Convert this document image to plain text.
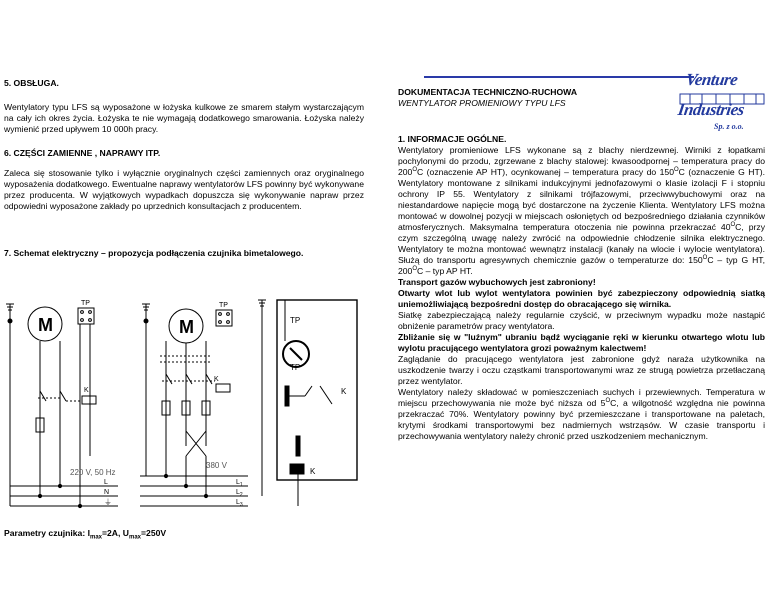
5. OBSŁUGA.
Wentylatory typu LFS są wyposażone w łożyska kulkowe ze smarem stałym wystarczającym na cały ich okres życia. Łożyska te nie wymagają dodatkowego smarowania. Łożyska należy wymienić przed upływem 10 000h pracy.
6. CZĘŚCI ZAMIENNE , NAPRAWY ITP.
Zaleca się stosowanie tylko i wyłącznie oryginalnych części zamiennych oraz oryginalnego wyposażenia dodatkowego. Ewentualne naprawy wentylatorów LFS powinny być wykonywane przez producenta. W wyjątkowych wypadkach dopuszcza się wykonywanie napraw przez odpowiedni wyposażone zakłady po uprzednich konsultacjach z producentem.
7. Schemat elektryczny – propozycja podłączenia czujnika bimetalowego.
M
TP
K
220 V, 50 Hz
L
N
⏚
M
TP
K
380 V
$L_1$
$L_2$
$L_3$
TP
TP
K
K
Parametry czujnika: $I_{max}=2A$, $U_{max}=250V$
Venture
Industries
Sp. z o.o.
DOKUMENTACJA TECHNICZNO-RUCHOWA
WENTYLATOR PROMIENIOWY TYPU LFS
1. INFORMACJE OGÓLNE.
Wentylatory promieniowe LFS wykonane są z blachy nierdzewnej. Wirniki z łopatkami pochylonymi do przodu, zgrzewane z blachy stalowej: kwasoodpornej – temperatura pracy do $200^OC$ (oznaczenie AP HT), ocynkowanej – temperatura pracy do $150^OC$ (oznaczenie G HT). Wentylatory montowane z silnikami indukcyjnymi jednofazowymi o klasie izolacji F i stopniu ochrony IP 55. Wentylatory z silnikami trójfazowymi, przeciwwybuchowymi oraz na niestandardowe napięcie mogą być dostarczone na życzenie Klienta. Wentylatory LFS można montować w dowolnej pozycji w miejscach osłoniętych od bezpośredniego działania czynników atmosferycznych. Maksymalna temperatura otoczenia nie powinna przekraczać $40^OC$, przy czym szczególną uwagę należy zwrócić na odpowiednie chłodzenie silnika elektrycznego. Wentylatory te można montować wewnątrz instalacji (kanały na wlocie i wylocie wentylatora). Służą do transportu agresywnych chemicznie gazów o temperaturze do: $150^OC$ – typ G HT, $200^OC$ – typ AP HT.
Transport gazów wybuchowych jest zabroniony!
Otwarty wlot lub wylot wentylatora powinien być zabezpieczony odpowiednią siatką uniemożliwiającą bezpośredni dostęp do obracającego się wirnika.
Siatkę zabezpieczającą należy regularnie czyścić, w przeciwnym wypadku może nastąpić obniżenie parametrów pracy wentylatora.
Zbliżanie się w "luźnym" ubraniu bądź wyciąganie ręki w kierunku otwartego wlotu lub wylotu pracującego wentylatora grozi poważnym kalectwem!
Zaglądanie do pracującego wentylatora jest zabronione gdyż naraża użytkownika na uszkodzenie twarzy i oczu cząstkami transportowanymi wraz ze strugą powietrza przetłaczaną przez wentylator.
Wentylatory należy składować w pomieszczeniach suchych i przewiewnych. Temperatura w miejscu przechowywania nie może być niższa od $5^OC$, a wilgotność względna nie powinna przekraczać 70%. Wentylatory powinny być przemieszczane i transportowane na paletach, krytymi środkami transportowymi bez nadmiernych wstrząsów. W czasie transportu i przechowywania wentylatory należy chronić przed uszkodzeniem mechanicznym.
